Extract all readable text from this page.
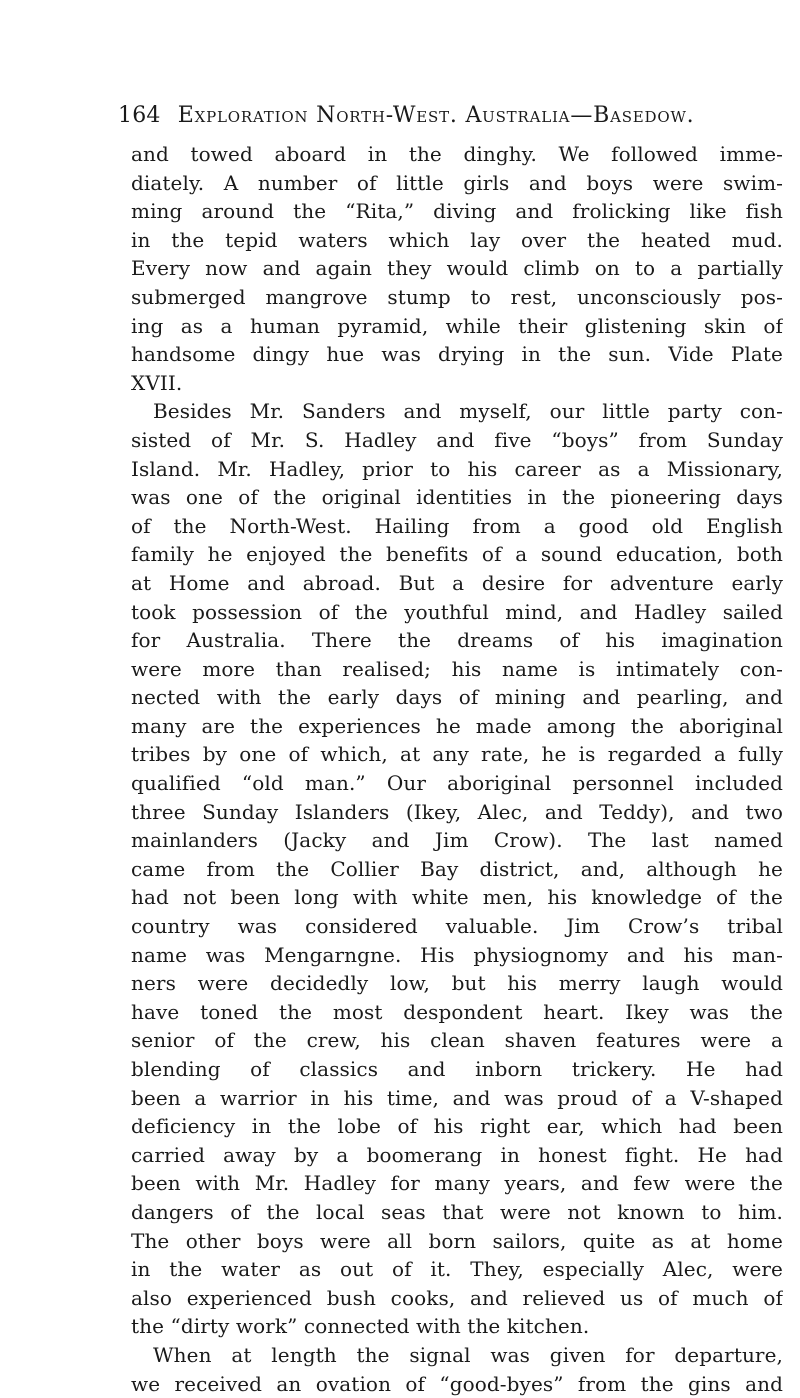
164 Exploration North-West. Australia—Basedow.
and towed aboard in the dinghy. We followed imme-
diately. A number of little girls and boys were swim-
ming around the “Rita,” diving and frolicking like fish
in the tepid waters which lay over the heated mud.
Every now and again they would climb on to a partially
submerged mangrove stump to rest, unconsciously pos-
ing as a human pyramid, while their glistening skin of
handsome dingy hue was drying in the sun. Vide Plate
XVII.
Besides Mr. Sanders and myself, our little party con-
sisted of Mr. S. Hadley and five “boys” from Sunday
Island. Mr. Hadley, prior to his career as a Missionary,
was one of the original identities in the pioneering days
of the North-West. Hailing from a good old English
family he enjoyed the benefits of a sound education, both
at Home and abroad. But a desire for adventure early
took possession of the youthful mind, and Hadley sailed
for Australia. There the dreams of his imagination
were more than realised; his name is intimately con-
nected with the early days of mining and pearling, and
many are the experiences he made among the aboriginal
tribes by one of which, at any rate, he is regarded a fully
qualified “old man.” Our aboriginal personnel included
three Sunday Islanders (Ikey, Alec, and Teddy), and two
mainlanders (Jacky and Jim Crow). The last named
came from the Collier Bay district, and, although he
had not been long with white men, his knowledge of the
country was considered valuable. Jim Crow’s tribal
name was Mengarngne. His physiognomy and his man-
ners were decidedly low, but his merry laugh would
have toned the most despondent heart. Ikey was the
senior of the crew, his clean shaven features were a
blending of classics and inborn trickery. He had
been a warrior in his time, and was proud of a V-shaped
deficiency in the lobe of his right ear, which had been
carried away by a boomerang in honest fight. He had
been with Mr. Hadley for many years, and few were the
dangers of the local seas that were not known to him.
The other boys were all born sailors, quite as at home
in the water as out of it. They, especially Alec, were
also experienced bush cooks, and relieved us of much of
the “dirty work” connected with the kitchen.
When at length the signal was given for departure,
we received an ovation of “good-byes” from the gins and
